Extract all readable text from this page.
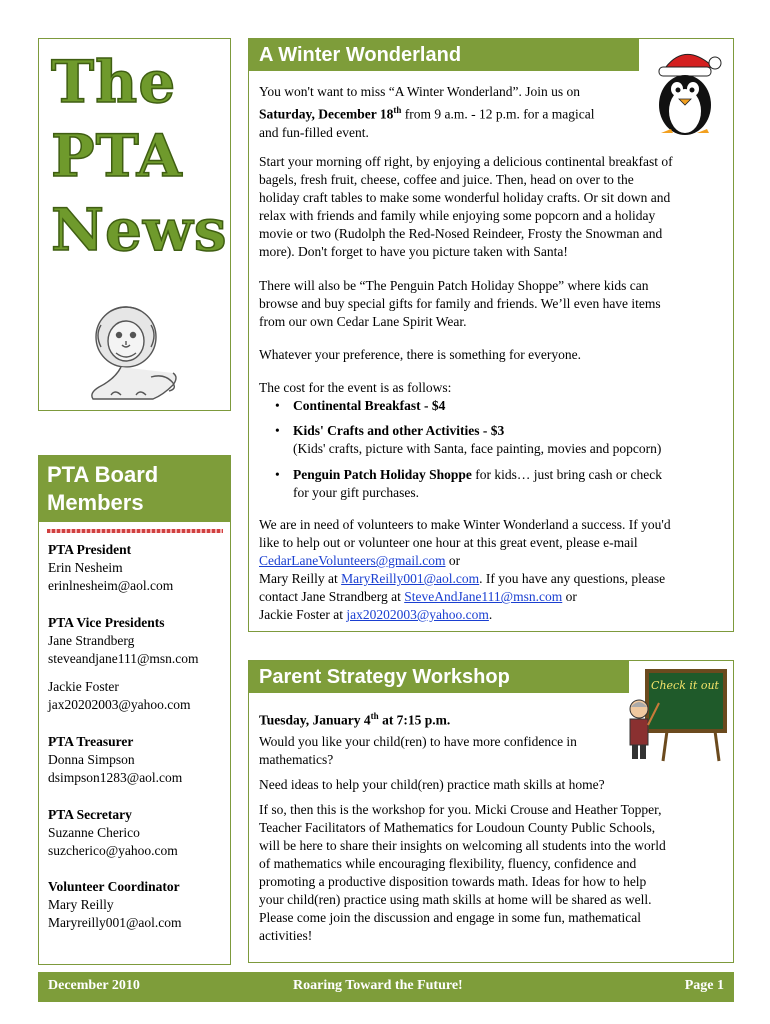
The
PTA
News
PTA Board Members
PTA President
Erin Nesheim
erinlnesheim@aol.com
PTA Vice Presidents
Jane Strandberg
steveandjane111@msn.com
Jackie Foster
jax20202003@yahoo.com
PTA Treasurer
Donna Simpson
dsimpson1283@aol.com
PTA Secretary
Suzanne Cherico
suzcherico@yahoo.com
Volunteer Coordinator
Mary Reilly
Maryreilly001@aol.com
A Winter Wonderland
You won't want to miss “A Winter Wonderland”. Join us on
Saturday, December 18th from 9 a.m. - 12 p.m. for a magical
and fun-filled event.
Start your morning off right, by enjoying a delicious continental breakfast of
bagels, fresh fruit, cheese, coffee and juice. Then, head on over to the
holiday craft tables to make some wonderful holiday crafts. Or sit down and
relax with friends and family while enjoying some popcorn and a holiday
movie or two (Rudolph the Red-Nosed Reindeer, Frosty the Snowman and
more). Don't forget to have you picture taken with Santa!
There will also be “The Penguin Patch Holiday Shoppe” where kids can
browse and buy special gifts for family and friends. We’ll even have items
from our own Cedar Lane Spirit Wear.
Whatever your preference, there is something for everyone.
The cost for the event is as follows:
• Continental Breakfast - $4
• Kids' Crafts and other Activities - $3
(Kids' crafts, picture with Santa, face painting, movies and popcorn)
• Penguin Patch Holiday Shoppe for kids… just bring cash or check
for your gift purchases.
We are in need of volunteers to make Winter Wonderland a success. If you'd
like to help out or volunteer one hour at this great event, please e-mail
CedarLaneVolunteers@gmail.com or
Mary Reilly at MaryReilly001@aol.com. If you have any questions, please
contact Jane Strandberg at SteveAndJane111@msn.com or
Jackie Foster at jax20202003@yahoo.com.
Parent Strategy Workshop	Check it out
Tuesday, January 4th at 7:15 p.m.
Would you like your child(ren) to have more confidence in
mathematics?
Need ideas to help your child(ren) practice math skills at home?
If so, then this is the workshop for you. Micki Crouse and Heather Topper,
Teacher Facilitators of Mathematics for Loudoun County Public Schools,
will be here to share their insights on welcoming all students into the world
of mathematics while encouraging flexibility, fluency, confidence and
promoting a productive disposition towards math. Ideas for how to help
your child(ren) practice using math skills at home will be shared as well.
Please come join the discussion and engage in some fun, mathematical
activities!
December 2010	Roaring Toward the Future!	Page 1
